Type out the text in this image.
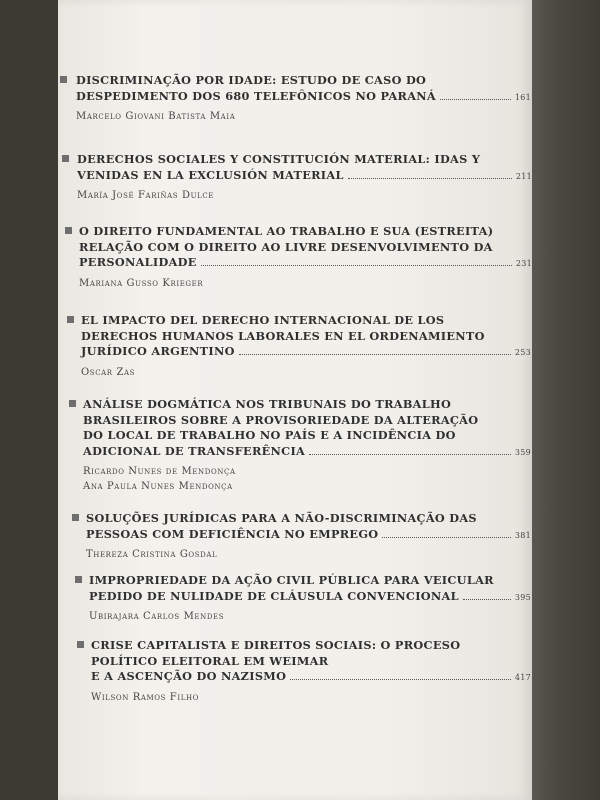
DISCRIMINAÇÃO POR IDADE: ESTUDO DE CASO DO
DESPEDIMENTO DOS 680 TELEFÔNICOS NO PARANÁ	161
Marcelo Giovani Batista Maia
DERECHOS SOCIALES Y CONSTITUCIÓN MATERIAL: IDAS Y
VENIDAS EN LA EXCLUSIÓN MATERIAL	211
María José Fariñas Dulce
O DIREITO FUNDAMENTAL AO TRABALHO E SUA (ESTREITA)
RELAÇÃO COM O DIREITO AO LIVRE DESENVOLVIMENTO DA
PERSONALIDADE	231
Mariana Gusso Krieger
EL IMPACTO DEL DERECHO INTERNACIONAL DE LOS
DERECHOS HUMANOS LABORALES EN EL ORDENAMIENTO
JURÍDICO ARGENTINO	253
Oscar Zas
ANÁLISE DOGMÁTICA NOS TRIBUNAIS DO TRABALHO
BRASILEIROS SOBRE A PROVISORIEDADE DA ALTERAÇÃO
DO LOCAL DE TRABALHO NO PAÍS E A INCIDÊNCIA DO
ADICIONAL DE TRANSFERÊNCIA	359
Ricardo Nunes de Mendonça
Ana Paula Nunes Mendonça
SOLUÇÕES JURÍDICAS PARA A NÃO-DISCRIMINAÇÃO DAS
PESSOAS COM DEFICIÊNCIA NO EMPREGO	381
Thereza Cristina Gosdal
IMPROPRIEDADE DA AÇÃO CIVIL PÚBLICA PARA VEICULAR
PEDIDO DE NULIDADE DE CLÁUSULA CONVENCIONAL	395
Ubirajara Carlos Mendes
CRISE CAPITALISTA E DIREITOS SOCIAIS: O PROCESO
POLÍTICO ELEITORAL EM WEIMAR
E A ASCENÇÃO DO NAZISMO	417
Wilson Ramos Filho
